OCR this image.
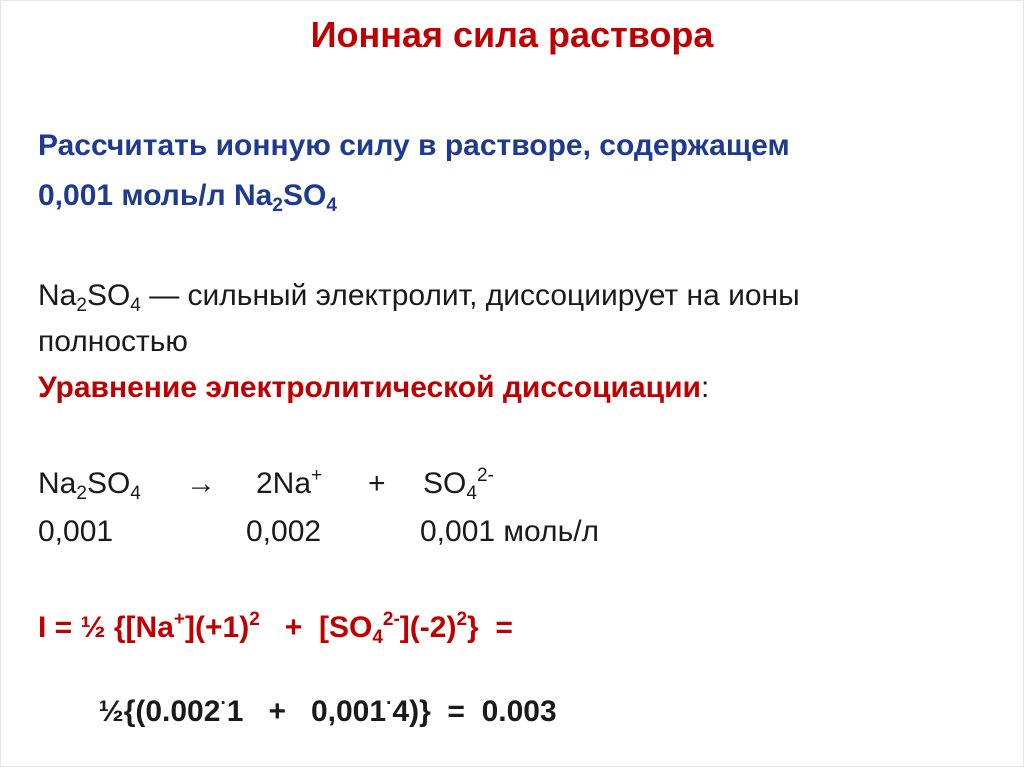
Ионная сила раствора
Рассчитать ионную силу в растворе, содержащем
0,001 моль/л $Na_2SO_4$
$Na_2SO_4$ — сильный электролит, диссоциирует на ионы
полностью
Уравнение электролитической диссоциации:
$Na_2SO_4 \to 2Na^+ + SO_4^{2-}$
0,001	0,002	0,001 моль/л
I = ½ $\{[Na^+](+1)^2 + [SO_4^{2-}](-2)^2\}$  =

½{(0.002·1   +   0,001·4)}  =  0.003
